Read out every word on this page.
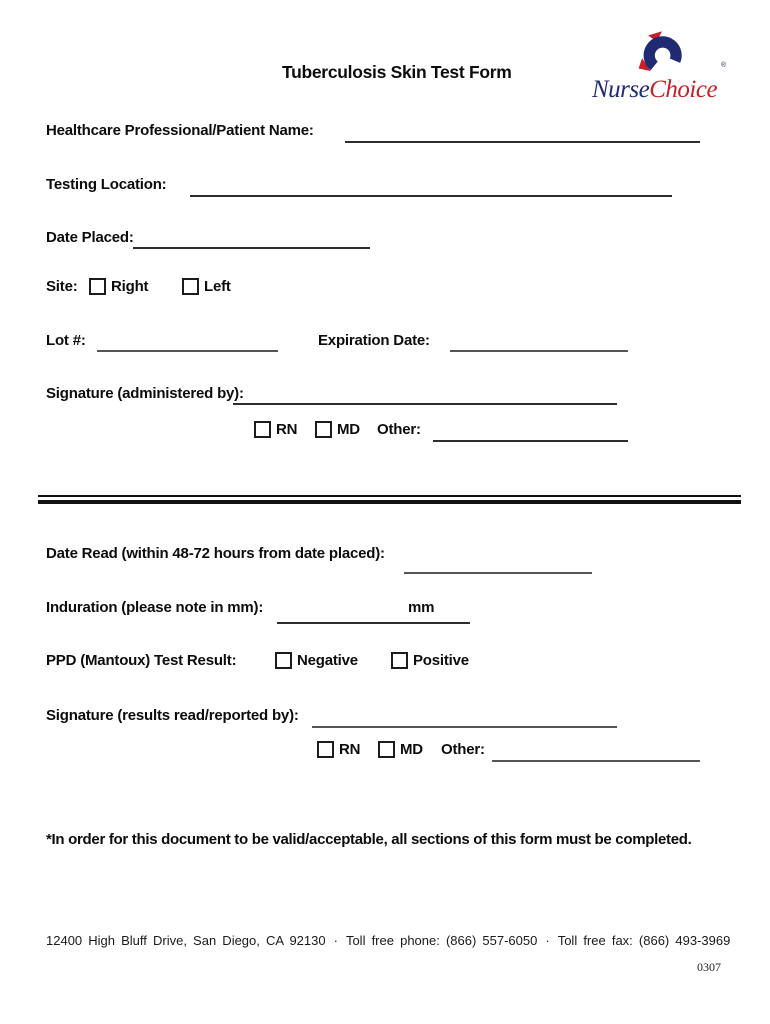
Tuberculosis Skin Test Form
NurseChoice
®
Healthcare Professional/Patient Name:
Testing Location:
Date Placed:
Site: Right	Left
Lot #:	Expiration Date:
Signature (administered by):
RN	MD Other:
Date Read (within 48-72 hours from date placed):
Induration (please note in mm):	mm
PPD (Mantoux) Test Result:	Negative	Positive
Signature (results read/reported by):
RN	MD Other:
*In order for this document to be valid/acceptable, all sections of this form must be completed.
12400 High Bluff Drive, San Diego, CA 92130 · Toll free phone: (866) 557-6050 · Toll free fax: (866) 493-3969
0307
